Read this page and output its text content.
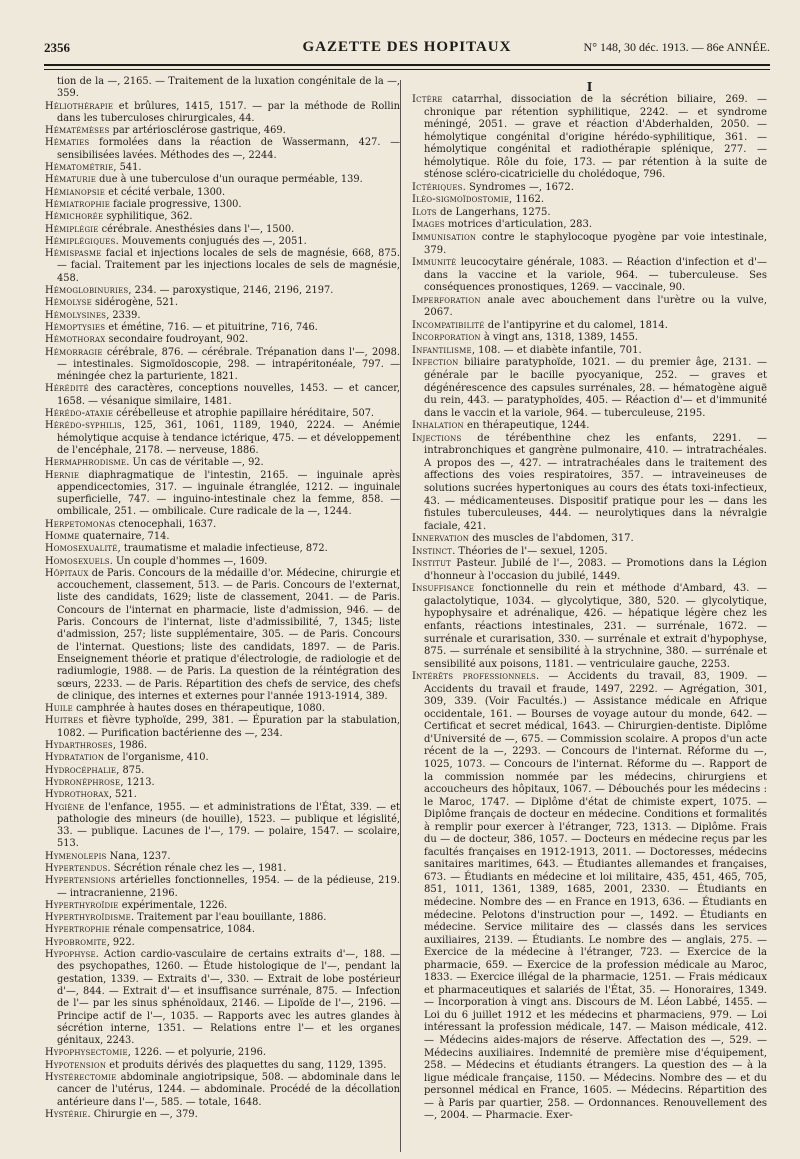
2356	GAZETTE DES HOPITAUX	N° 148, 30 déc. 1913. — 86e ANNÉE.

tion de la —, 2165. — Traitement de la luxation congénitale de la —, 359.

Héliothérapie et brûlures, 1415, 1517. — par la méthode de Rollin dans les tuberculoses chirurgicales, 44.

Hématémèses par artériosclérose gastrique, 469.

Hématies formolées dans la réaction de Wassermann, 427. — sensibilisées lavées. Méthodes des —, 2244.

Hématométrie, 541.

Hématurie due à une tuberculose d'un ouraque perméable, 139.

Hémianopsie et cécité verbale, 1300.

Hémiatrophie faciale progressive, 1300.

Hémichorée syphilitique, 362.

Hémiplégie cérébrale. Anesthésies dans l'—, 1500.

Hémiplégiques. Mouvements conjugués des —, 2051.

Hémispasme facial et injections locales de sels de magnésie, 668, 875. — facial. Traitement par les injections locales de sels de magnésie, 458.

Hémoglobinuries, 234. — paroxystique, 2146, 2196, 2197.

Hémolyse sidérogène, 521.

Hémolysines, 2339.

Hémoptysies et émétine, 716. — et pituitrine, 716, 746.

Hémothorax secondaire foudroyant, 902.

Hémorragie cérébrale, 876. — cérébrale. Trépanation dans l'—, 2098. — intestinales. Sigmoïdoscopie, 298. — intrapéritonéale, 797. — méningée chez la parturiente, 1821.

Hérédité des caractères, conceptions nouvelles, 1453. — et cancer, 1658. — vésanique similaire, 1481.

Hérédo-ataxie cérébelleuse et atrophie papillaire héréditaire, 507.

Hérédo-syphilis, 125, 361, 1061, 1189, 1940, 2224. — Anémie hémolytique acquise à tendance ictérique, 475. — et développement de l'encéphale, 2178. — nerveuse, 1886.

Hermaphrodisme. Un cas de véritable —, 92.

Hernie diaphragmatique de l'intestin, 2165. — inguinale après appendicectomies, 317. — inguinale étranglée, 1212. — inguinale superficielle, 747. — inguino-intestinale chez la femme, 858. — ombilicale, 251. — ombilicale. Cure radicale de la —, 1244.

Herpetomonas ctenocephali, 1637.

Homme quaternaire, 714.

Homosexualité, traumatisme et maladie infectieuse, 872.

Homosexuels. Un couple d'hommes —, 1609.

Hôpitaux de Paris. Concours de la médaille d'or. Médecine, chirurgie et accouchement, classement, 513. — de Paris. Concours de l'externat, liste des candidats, 1629; liste de classement, 2041. — de Paris. Concours de l'internat en pharmacie, liste d'admission, 946. — de Paris. Concours de l'internat, liste d'admissibilité, 7, 1345; liste d'admission, 257; liste supplémentaire, 305. — de Paris. Concours de l'internat. Questions; liste des candidats, 1897. — de Paris. Enseignement théorie et pratique d'électrologie, de radiologie et de radiumlogie, 1988. — de Paris. La question de la réintégration des sœurs, 2233. — de Paris. Répartition des chefs de service, des chefs de clinique, des internes et externes pour l'année 1913-1914, 389.

Huile camphrée à hautes doses en thérapeutique, 1080.

Huitres et fièvre typhoïde, 299, 381. — Épuration par la stabulation, 1082. — Purification bactérienne des —, 234.

Hydarthroses, 1986.

Hydratation de l'organisme, 410.

Hydrocéphalie, 875.

Hydronéphrose, 1213.

Hydrothorax, 521.

Hygiène de l'enfance, 1955. — et administrations de l'État, 339. — et pathologie des mineurs (de houille), 1523. — publique et législité, 33. — publique. Lacunes de l'—, 179. — polaire, 1547. — scolaire, 513.

Hymenolepis Nana, 1237.

Hypertendus. Sécrétion rénale chez les —, 1981.

Hypertensions artérielles fonctionnelles, 1954. — de la pédieuse, 219. — intracranienne, 2196.

Hyperthyroïdie expérimentale, 1226.

Hyperthyroïdisme. Traitement par l'eau bouillante, 1886.

Hypertrophie rénale compensatrice, 1084.

Hypobromite, 922.

Hypophyse. Action cardio-vasculaire de certains extraits d'—, 188. — des psychopathes, 1260. — Étude histologique de l'—, pendant la gestation, 1339. — Extraits d'—, 330. — Extrait de lobe postérieur d'—, 844. — Extrait d'— et insuffisance surrénale, 875. — Infection de l'— par les sinus sphénoïdaux, 2146. — Lipoïde de l'—, 2196. — Principe actif de l'—, 1035. — Rapports avec les autres glandes à sécrétion interne, 1351. — Relations entre l'— et les organes génitaux, 2243.

Hypophysectomie, 1226. — et polyurie, 2196.

Hypotension et produits dérivés des plaquettes du sang, 1129, 1395.

Hystérectomie abdominale angiotripsique, 508. — abdominale dans le cancer de l'utérus, 1244. — abdominale. Procédé de la décollation antérieure dans l'—, 585. — totale, 1648.

Hystérie. Chirurgie en —, 379.

I

Ictère catarrhal, dissociation de la sécrétion biliaire, 269. — chronique par rétention syphilitique, 2242. — et syndrome méningé, 2051. — grave et réaction d'Abderhalden, 2050. — hémolytique congénital d'origine hérédo-syphilitique, 361. — hémolytique congénital et radiothérapie splénique, 277. — hémolytique. Rôle du foie, 173. — par rétention à la suite de sténose scléro-cicatricielle du cholédoque, 796.

Ictériques. Syndromes —, 1672.

Iléo-sigmoïdostomie, 1162.

Ilots de Langerhans, 1275.

Images motrices d'articulation, 283.

Immunisation contre le staphylocoque pyogène par voie intestinale, 379.

Immunité leucocytaire générale, 1083. — Réaction d'infection et d'— dans la vaccine et la variole, 964. — tuberculeuse. Ses conséquences pronostiques, 1269. — vaccinale, 90.

Imperforation anale avec abouchement dans l'urètre ou la vulve, 2067.

Incompatibilité de l'antipyrine et du calomel, 1814.

Incorporation à vingt ans, 1318, 1389, 1455.

Infantilisme, 108. — et diabète infantile, 701.

Infection biliaire paratyphoïde, 1021. — du premier âge, 2131. — générale par le bacille pyocyanique, 252. — graves et dégénérescence des capsules surrénales, 28. — hématogène aiguë du rein, 443. — paratyphoïdes, 405. — Réaction d'— et d'immunité dans le vaccin et la variole, 964. — tuberculeuse, 2195.

Inhalation en thérapeutique, 1244.

Injections de térébenthine chez les enfants, 2291. — intrabronchiques et gangrène pulmonaire, 410. — intratrachéales. A propos des —, 427. — intratrachéales dans le traitement des affections des voies respiratoires, 357. — intraveineuses de solutions sucrées hypertoniques au cours des états toxi-infectieux, 43. — médicamenteuses. Dispositif pratique pour les — dans les fistules tuberculeuses, 444. — neurolytiques dans la névralgie faciale, 421.

Innervation des muscles de l'abdomen, 317.

Instinct. Théories de l'— sexuel, 1205.

Institut Pasteur. Jubilé de l'—, 2083. — Promotions dans la Légion d'honneur à l'occasion du jubilé, 1449.

Insuffisance fonctionnelle du rein et méthode d'Ambard, 43. — galactolytique, 1034. — glycolytique, 380, 520. — glycolytique, hypophysaire et adrénalique, 426. — hépatique légère chez les enfants, réactions intestinales, 231. — surrénale, 1672. — surrénale et curarisation, 330. — surrénale et extrait d'hypophyse, 875. — surrénale et sensibilité à la strychnine, 380. — surrénale et sensibilité aux poisons, 1181. — ventriculaire gauche, 2253.

Intérêts professionnels. — Accidents du travail, 83, 1909. — Accidents du travail et fraude, 1497, 2292. — Agrégation, 301, 309, 339. (Voir Facultés.) — Assistance médicale en Afrique occidentale, 161. — Bourses de voyage autour du monde, 642. — Certificat et secret médical, 1643. — Chirurgien-dentiste. Diplôme d'Université de —, 675. — Commission scolaire. A propos d'un acte récent de la —, 2293. — Concours de l'internat. Réforme du —, 1025, 1073. — Concours de l'internat. Réforme du —. Rapport de la commission nommée par les médecins, chirurgiens et accoucheurs des hôpitaux, 1067. — Débouchés pour les médecins : le Maroc, 1747. — Diplôme d'état de chimiste expert, 1075. — Diplôme français de docteur en médecine. Conditions et formalités à remplir pour exercer à l'étranger, 723, 1313. — Diplôme. Frais du — de docteur, 386, 1057. — Docteurs en médecine reçus par les facultés françaises en 1912-1913, 2011. — Doctoresses, médecins sanitaires maritimes, 643. — Étudiantes allemandes et françaises, 673. — Étudiants en médecine et loi militaire, 435, 451, 465, 705, 851, 1011, 1361, 1389, 1685, 2001, 2330. — Étudiants en médecine. Nombre des — en France en 1913, 636. — Étudiants en médecine. Pelotons d'instruction pour —, 1492. — Étudiants en médecine. Service militaire des — classés dans les services auxiliaires, 2139. — Étudiants. Le nombre des — anglais, 275. — Exercice de la médecine à l'étranger, 723. — Exercice de la pharmacie, 659. — Exercice de la profession médicale au Maroc, 1833. — Exercice illégal de la pharmacie, 1251. — Frais médicaux et pharmaceutiques et salariés de l'État, 35. — Honoraires, 1349. — Incorporation à vingt ans. Discours de M. Léon Labbé, 1455. — Loi du 6 juillet 1912 et les médecins et pharmaciens, 979. — Loi intéressant la profession médicale, 147. — Maison médicale, 412. — Médecins aides-majors de réserve. Affectation des —, 529. — Médecins auxiliaires. Indemnité de première mise d'équipement, 258. — Médecins et étudiants étrangers. La question des — à la ligue médicale française, 1150. — Médecins. Nombre des — et du personnel médical en France, 1605. — Médecins. Répartition des — à Paris par quartier, 258. — Ordonnances. Renouvellement des —, 2004. — Pharmacie. Exer-
